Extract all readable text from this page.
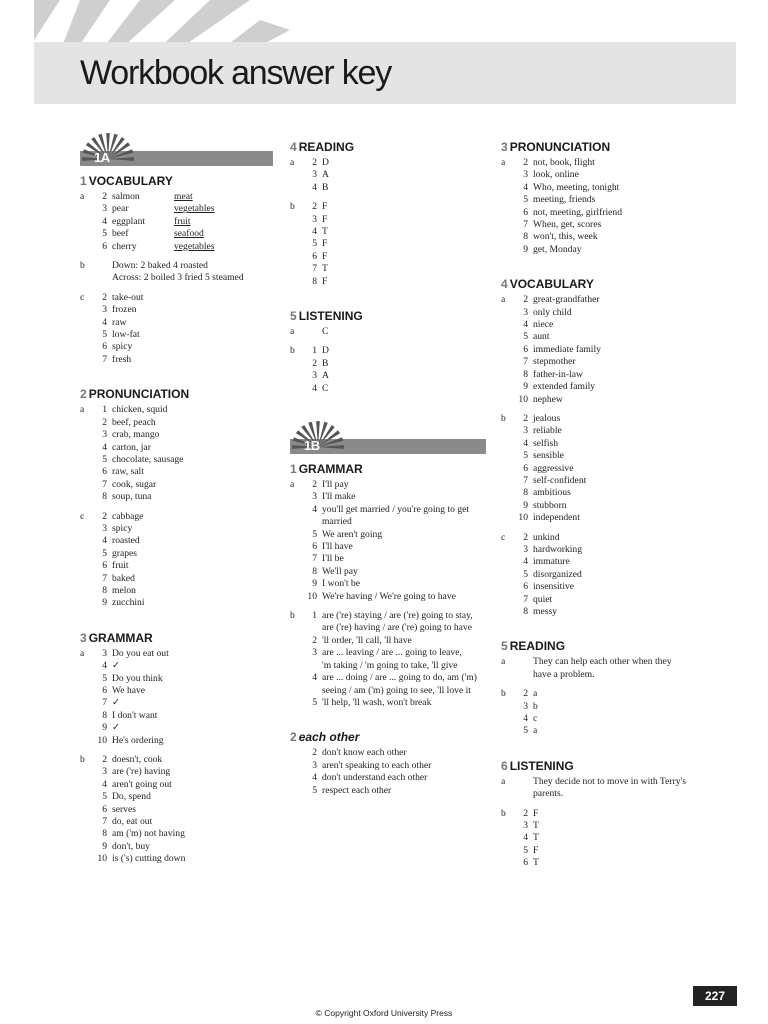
Workbook answer key
1A
1 VOCABULARY
a	2 salmon	meat
3 pear	vegetables
4 eggplant	fruit
5 beef	seafood
6 cherry	vegetables
b	Down: 2 baked 4 roasted
Across: 2 boiled 3 fried 5 steamed
c	2 take-out
3 frozen
4 raw
5 low-fat
6 spicy
7 fresh
2 PRONUNCIATION
a	1 chicken, squid
2 beef, peach
3 crab, mango
4 carton, jar
5 chocolate, sausage
6 raw, salt
7 cook, sugar
8 soup, tuna
c	2 cabbage
3 spicy
4 roasted
5 grapes
6 fruit
7 baked
8 melon
9 zucchini
3 GRAMMAR
a	3 Do you eat out
4 ✓
5 Do you think
6 We have
7 ✓
8 I don't want
9 ✓
10 He's ordering
b	2 doesn't, cook
3 are ('re) having
4 aren't going out
5 Do, spend
6 serves
7 do, eat out
8 am ('m) not having
9 don't, buy
10 is ('s) cutting down
4 READING
a	2 D
3 A
4 B
b	2 F
3 F
4 T
5 F
6 F
7 T
8 F
5 LISTENING
a	C
b	1 D
2 B
3 A
4 C
1B
1 GRAMMAR
a	2 I'll pay
3 I'll make
4 you'll get married / you're going to get
married
5 We aren't going
6 I'll have
7 I'll be
8 We'll pay
9 I won't be
10 We're having / We're going to have
b	1 are ('re) staying / are ('re) going to stay,
are ('re) having / are ('re) going to have
2 'll order, 'll call, 'll have
3 are ... leaving / are ... going to leave,
'm taking / 'm going to take, 'll give
4 are ... doing / are ... going to do, am ('m)
seeing / am ('m) going to see, 'll love it
5 'll help, 'll wash, won't break
2 each other
2 don't know each other
3 aren't speaking to each other
4 don't understand each other
5 respect each other
3 PRONUNCIATION
a	2 not, book, flight
3 look, online
4 Who, meeting, tonight
5 meeting, friends
6 not, meeting, girlfriend
7 When, get, scores
8 won't, this, week
9 get, Monday
4 VOCABULARY
a	2 great-grandfather
3 only child
4 niece
5 aunt
6 immediate family
7 stepmother
8 father-in-law
9 extended family
10 nephew
b	2 jealous
3 reliable
4 selfish
5 sensible
6 aggressive
7 self-confident
8 ambitious
9 stubborn
10 independent
c	2 unkind
3 hardworking
4 immature
5 disorganized
6 insensitive
7 quiet
8 messy
5 READING
a	They can help each other when they
have a problem.
b	2 a
3 b
4 c
5 a
6 LISTENING
a	They decide not to move in with Terry's
parents.
b	2 F
3 T
4 T
5 F
6 T
227
© Copyright Oxford University Press
